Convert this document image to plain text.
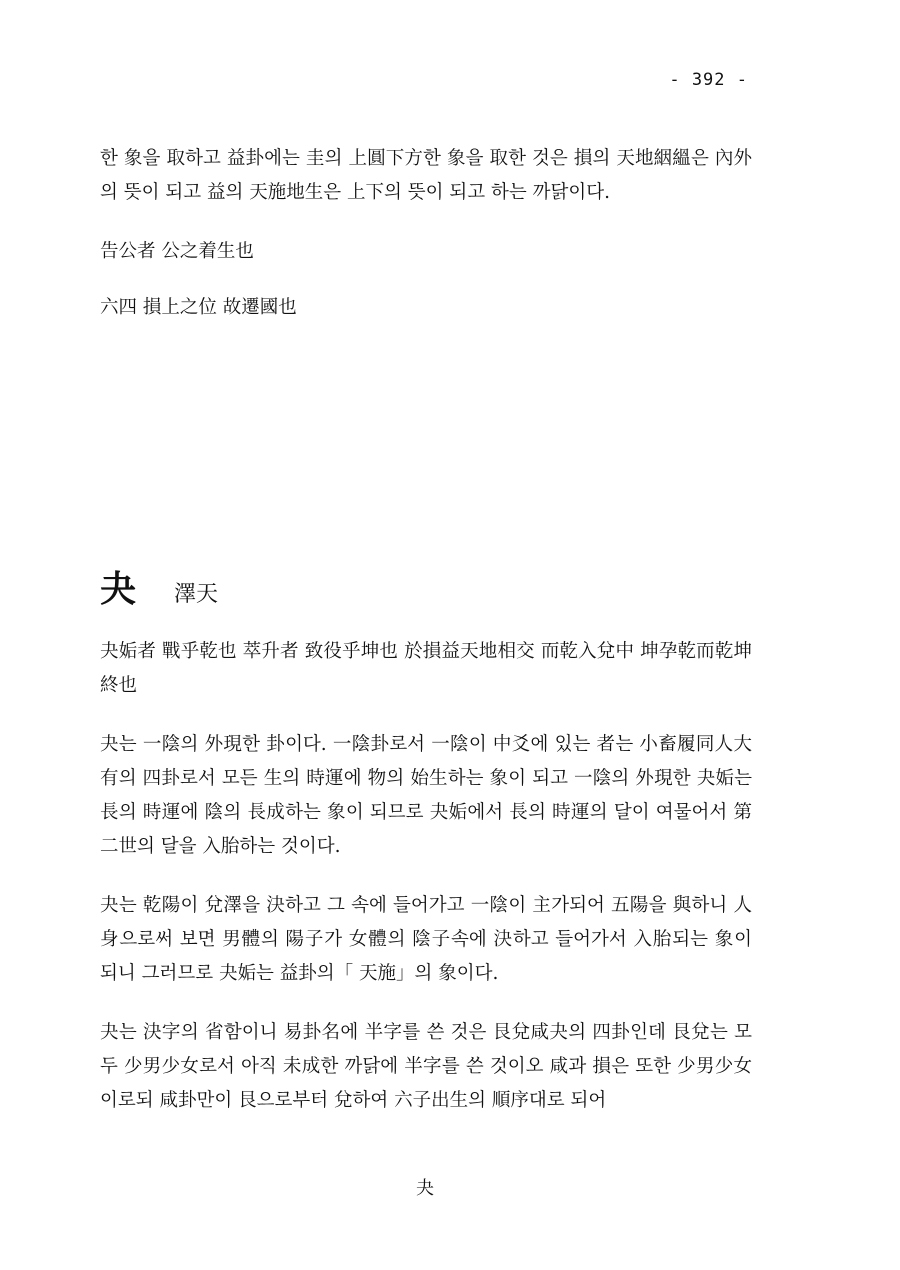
- 392 -

한 象을 取하고 益卦에는 圭의 上圓下方한 象을 取한 것은 損의 天地絪縕은 內外의 뜻이 되고 益의 天施地生은 上下의 뜻이 되고 하는 까닭이다.

告公者 公之着生也

六四 損上之位 故遷國也

夬 澤天

夬姤者 戰乎乾也 萃升者 致役乎坤也 於損益天地相交 而乾入兌中 坤孕乾而乾坤終也

夬는 一陰의 外現한 卦이다. 一陰卦로서 一陰이 中爻에 있는 者는 小畜履同人大有의 四卦로서 모든 生의 時運에 物의 始生하는 象이 되고 一陰의 外現한 夬姤는 長의 時運에 陰의 長成하는 象이 되므로 夬姤에서 長의 時運의 달이 여물어서 第二世의 달을 入胎하는 것이다.

夬는 乾陽이 兌澤을 決하고 그 속에 들어가고 一陰이 主가되어 五陽을 與하니 人身으로써 보면 男體의 陽子가 女體의 陰子속에 決하고 들어가서 入胎되는 象이 되니 그러므로 夬姤는 益卦의「 天施」의 象이다.

夬는 決字의 省함이니 易卦名에 半字를 쓴 것은 艮兌咸夬의 四卦인데 艮兌는 모두 少男少女로서 아직 未成한 까닭에 半字를 쓴 것이오 咸과 損은 또한 少男少女이로되 咸卦만이 艮으로부터 兌하여 六子出生의 順序대로 되어

夬
